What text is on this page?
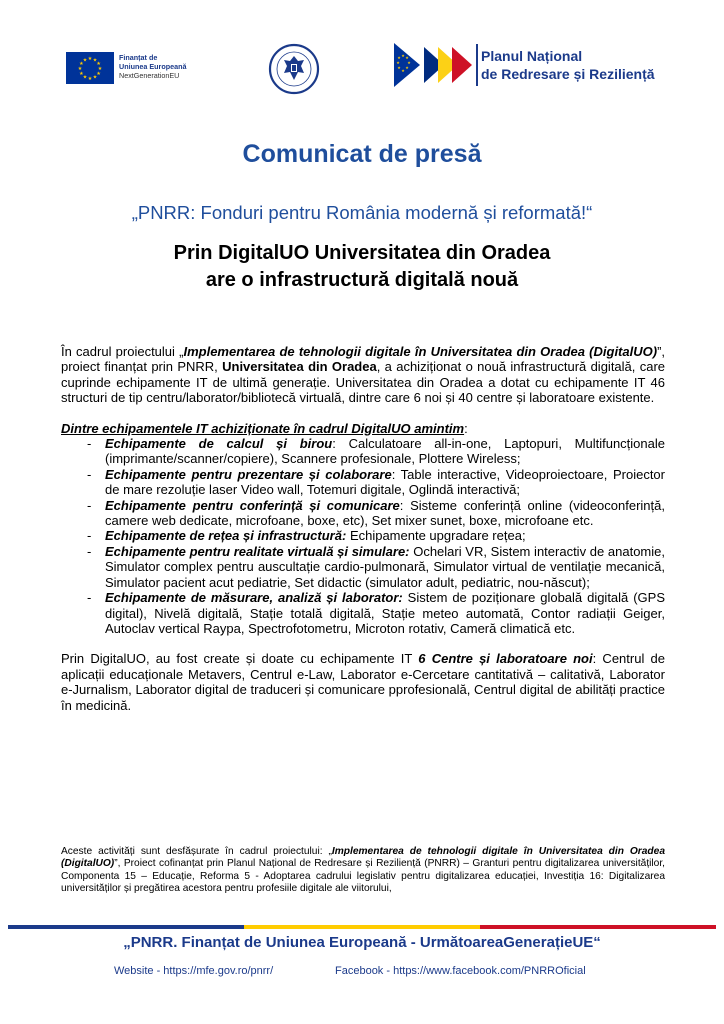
★ ★
★
★
★
★
★
★
★
★
★
★	Finanțat de
Uniunea Europeană
NextGenerationEU
★ ★
★
★
★
★
★
★	Planul Național
de Redresare și Reziliență
Comunicat de presă
„PNRR: Fonduri pentru România modernă și reformată!“
Prin DigitalUO Universitatea din Oradea
are o infrastructură digitală nouă

În cadrul proiectului „Implementarea de tehnologii digitale în Universitatea din Oradea (DigitalUO)”, proiect finanțat prin PNRR, Universitatea din Oradea, a achiziționat o nouă infrastructură digitală, care cuprinde echipamente IT de ultimă generație. Universitatea din Oradea a dotat cu echipamente IT 46 structuri de tip centru/laborator/bibliotecă virtuală, dintre care 6 noi și 40 centre și laboratoare existente.

Dintre echipamentele IT achiziționate în cadrul DigitalUO amintim:

- Echipamente de calcul și birou: Calculatoare all-in-one, Laptopuri, Multifuncționale (imprimante/scanner/copiere), Scannere profesionale, Plottere Wireless;
- Echipamente pentru prezentare și colaborare: Table interactive, Videoproiectoare, Proiector de mare rezoluție laser Video wall, Totemuri digitale, Oglindă interactivă;
- Echipamente pentru conferință și comunicare: Sisteme conferință online (videoconferință, camere web dedicate, microfoane, boxe, etc), Set mixer sunet, boxe, microfoane etc.
- Echipamente de rețea și infrastructură: Echipamente upgradare rețea;
- Echipamente pentru realitate virtuală și simulare: Ochelari VR, Sistem interactiv de anatomie, Simulator complex pentru auscultație cardio-pulmonară, Simulator virtual de ventilație mecanică, Simulator pacient acut pediatrie, Set didactic (simulator adult, pediatric, nou-născut);
- Echipamente de măsurare, analiză și laborator: Sistem de poziționare globală digitală (GPS digital), Nivelă digitală, Stație totală digitală, Stație meteo automată, Contor radiații Geiger, Autoclav vertical Raypa, Spectrofotometru, Microton rotativ, Cameră climatică etc.

Prin DigitalUO, au fost create și doate cu echipamente IT 6 Centre și laboratoare noi: Centrul de aplicații educaționale Metavers, Centrul e-Law, Laborator e-Cercetare cantitativă – calitativă, Laborator e-Jurnalism, Laborator digital de traduceri și comunicare pprofesională, Centrul digital de abilități practice în medicină.

Aceste activități sunt desfășurate în cadrul proiectului: „Implementarea de tehnologii digitale în Universitatea din Oradea (DigitalUO)”, Proiect cofinanțat prin Planul Național de Redresare și Reziliență (PNRR) – Granturi pentru digitalizarea universităților, Componenta 15 – Educație, Reforma 5 - Adoptarea cadrului legislativ pentru digitalizarea educației, Investiția 16: Digitalizarea universităților și pregătirea acestora pentru profesiile digitale ale viitorului,

„PNRR. Finanțat de Uniunea Europeană - UrmătoareaGenerațieUE“
Website - https://mfe.gov.ro/pnrr/	Facebook - https://www.facebook.com/PNRROficial
